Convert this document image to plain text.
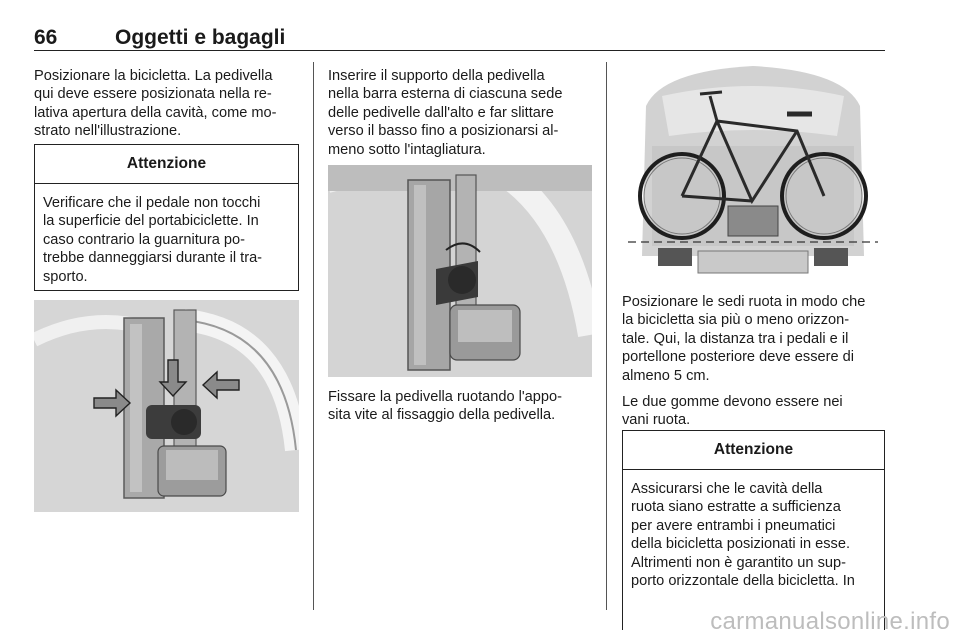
66	Oggetti e bagagli
Posizionare la bicicletta. La pedivella
qui deve essere posizionata nella re-
lativa apertura della cavità, come mo-
strato nell'illustrazione.
Attenzione
Verificare che il pedale non tocchi
la superficie del portabiciclette. In
caso contrario la guarnitura po-
trebbe danneggiarsi durante il tra-
sporto.
Inserire il supporto della pedivella
nella barra esterna di ciascuna sede
delle pedivelle dall'alto e far slittare
verso il basso fino a posizionarsi al-
meno sotto l'intagliatura.
Fissare la pedivella ruotando l'appo-
sita vite al fissaggio della pedivella.

Posizionare le sedi ruota in modo che
la bicicletta sia più o meno orizzon-
tale. Qui, la distanza tra i pedali e il
portellone posteriore deve essere di
almeno 5 cm.

Le due gomme devono essere nei
vani ruota.

Attenzione
Assicurarsi che le cavità della
ruota siano estratte a sufficienza
per avere entrambi i pneumatici
della bicicletta posizionati in esse.
Altrimenti non è garantito un sup-
porto orizzontale della bicicletta. In
carmanualsonline.info
